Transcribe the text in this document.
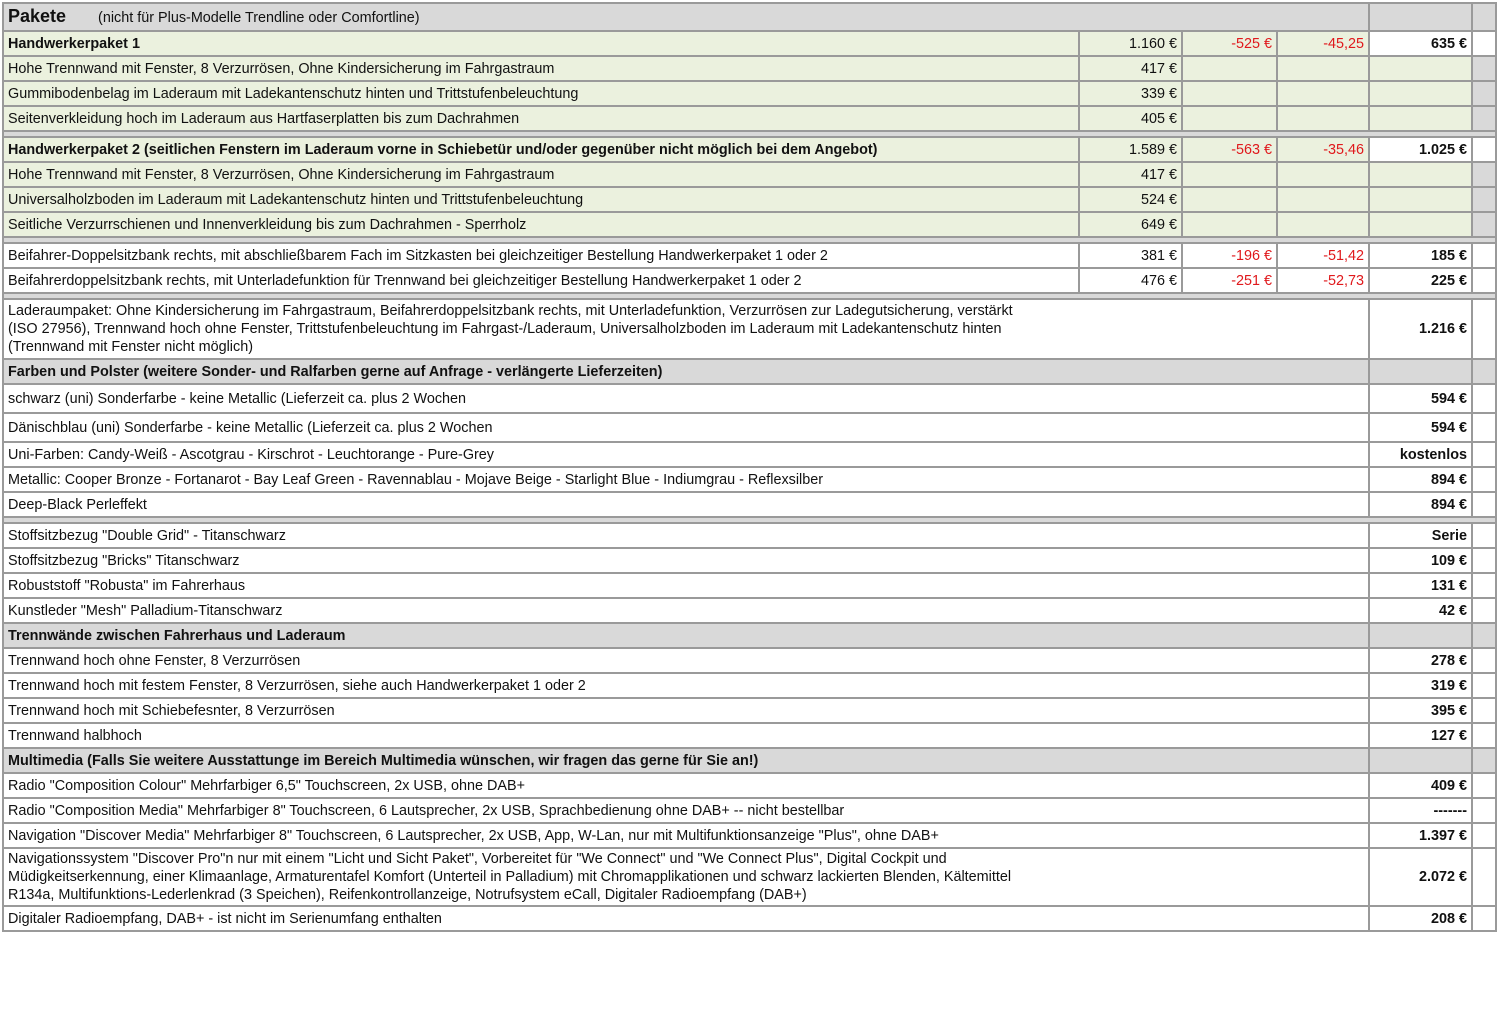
Pakete (nicht für Plus-Modelle Trendline oder Comfortline)					
Handwerkerpaket 1	1.160 €	-525 €	-45,25	635 €	
Hohe Trennwand mit Fenster, 8 Verzurrösen, Ohne Kindersicherung im Fahrgastraum	417 €				
Gummibodenbelag im Laderaum mit Ladekantenschutz hinten und Trittstufenbeleuchtung	339 €				
Seitenverkleidung hoch im Laderaum aus Hartfaserplatten bis zum Dachrahmen	405 €				

Handwerkerpaket 2 (seitlichen Fenstern im Laderaum vorne in Schiebetür und/oder gegenüber nicht möglich bei dem Angebot)	1.589 €	-563 €	-35,46	1.025 €	
Hohe Trennwand mit Fenster, 8 Verzurrösen, Ohne Kindersicherung im Fahrgastraum	417 €				
Universalholzboden im Laderaum mit Ladekantenschutz hinten und Trittstufenbeleuchtung	524 €				
Seitliche Verzurrschienen und Innenverkleidung bis zum Dachrahmen - Sperrholz	649 €				

Beifahrer-Doppelsitzbank rechts, mit abschließbarem Fach im Sitzkasten bei gleichzeitiger Bestellung Handwerkerpaket 1 oder 2	381 €	-196 €	-51,42	185 €	
Beifahrerdoppelsitzbank rechts, mit Unterladefunktion für Trennwand bei gleichzeitiger Bestellung Handwerkerpaket 1 oder 2	476 €	-251 €	-52,73	225 €	

Laderaumpaket: Ohne Kindersicherung im Fahrgastraum, Beifahrerdoppelsitzbank rechts, mit Unterladefunktion, Verzurrösen zur Ladegutsicherung, verstärkt
(ISO 27956), Trennwand hoch ohne Fenster, Trittstufenbeleuchtung im Fahrgast-/Laderaum, Universalholzboden im Laderaum mit Ladekantenschutz hinten
(Trennwand mit Fenster nicht möglich)				1.216 €	
Farben und Polster (weitere Sonder- und Ralfarben gerne auf Anfrage - verlängerte Lieferzeiten)					
schwarz (uni) Sonderfarbe - keine Metallic (Lieferzeit ca. plus 2 Wochen				594 €	
Dänischblau (uni) Sonderfarbe - keine Metallic (Lieferzeit ca. plus 2 Wochen				594 €	
Uni-Farben: Candy-Weiß - Ascotgrau - Kirschrot - Leuchtorange - Pure-Grey				kostenlos	
Metallic: Cooper Bronze - Fortanarot - Bay Leaf Green - Ravennablau - Mojave Beige - Starlight Blue - Indiumgrau - Reflexsilber				894 €	
Deep-Black Perleffekt				894 €	

Stoffsitzbezug "Double Grid" - Titanschwarz				Serie	
Stoffsitzbezug "Bricks" Titanschwarz				109 €	
Robuststoff "Robusta" im Fahrerhaus				131 €	
Kunstleder "Mesh" Palladium-Titanschwarz				42 €	
Trennwände zwischen Fahrerhaus und Laderaum					
Trennwand hoch ohne Fenster, 8 Verzurrösen				278 €	
Trennwand hoch mit festem Fenster, 8 Verzurrösen, siehe auch Handwerkerpaket 1 oder 2				319 €	
Trennwand hoch mit Schiebefesnter, 8 Verzurrösen				395 €	
Trennwand halbhoch				127 €	
Multimedia (Falls Sie weitere Ausstattunge im Bereich Multimedia wünschen, wir fragen das gerne für Sie an!)					
Radio "Composition Colour" Mehrfarbiger 6,5" Touchscreen, 2x USB, ohne DAB+				409 €	
Radio "Composition Media" Mehrfarbiger 8" Touchscreen, 6 Lautsprecher, 2x USB, Sprachbedienung ohne DAB+ -- nicht bestellbar				-------	
Navigation "Discover Media" Mehrfarbiger 8" Touchscreen, 6 Lautsprecher, 2x USB, App, W-Lan, nur mit Multifunktionsanzeige "Plus", ohne DAB+				1.397 €	

Navigationssystem "Discover Pro"n nur mit einem "Licht und Sicht Paket", Vorbereitet für "We Connect" und "We Connect Plus", Digital Cockpit und
Müdigkeitserkennung, einer Klimaanlage, Armaturentafel Komfort (Unterteil in Palladium) mit Chromapplikationen und schwarz lackierten Blenden, Kältemittel
R134a, Multifunktions-Lederlenkrad (3 Speichen), Reifenkontrollanzeige, Notrufsystem eCall, Digitaler Radioempfang (DAB+)				2.072 €	
Digitaler Radioempfang, DAB+ - ist nicht im Serienumfang enthalten				208 €	
